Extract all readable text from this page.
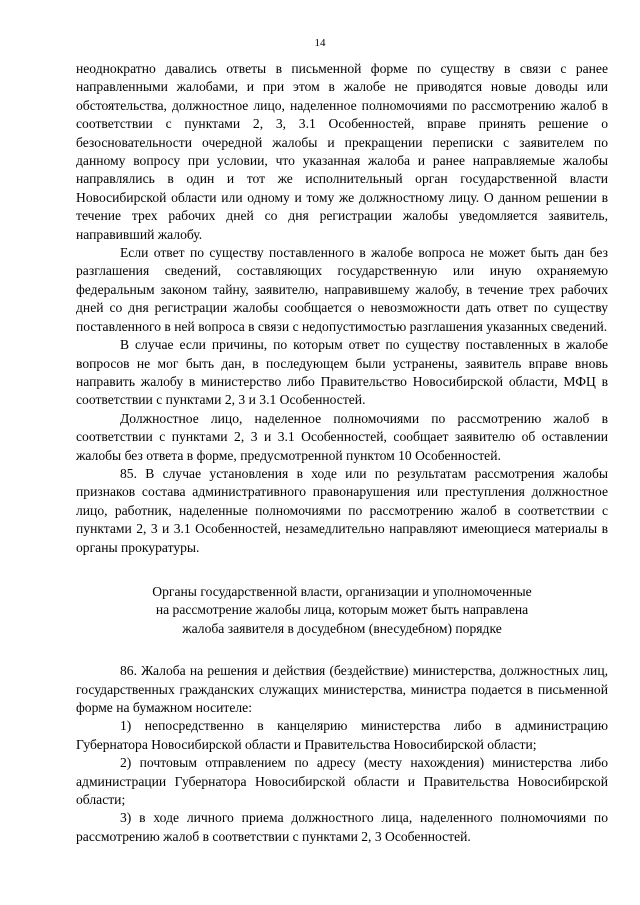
14

неоднократно давались ответы в письменной форме по существу в связи с ранее направленными жалобами, и при этом в жалобе не приводятся новые доводы или обстоятельства, должностное лицо, наделенное полномочиями по рассмотрению жалоб в соответствии с пунктами 2, 3, 3.1 Особенностей, вправе принять решение о безосновательности очередной жалобы и прекращении переписки с заявителем по данному вопросу при условии, что указанная жалоба и ранее направляемые жалобы направлялись в один и тот же исполнительный орган государственной власти Новосибирской области или одному и тому же должностному лицу. О данном решении в течение трех рабочих дней со дня регистрации жалобы уведомляется заявитель, направивший жалобу.

Если ответ по существу поставленного в жалобе вопроса не может быть дан без разглашения сведений, составляющих государственную или иную охраняемую федеральным законом тайну, заявителю, направившему жалобу, в течение трех рабочих дней со дня регистрации жалобы сообщается о невозможности дать ответ по существу поставленного в ней вопроса в связи с недопустимостью разглашения указанных сведений.

В случае если причины, по которым ответ по существу поставленных в жалобе вопросов не мог быть дан, в последующем были устранены, заявитель вправе вновь направить жалобу в министерство либо Правительство Новосибирской области, МФЦ в соответствии с пунктами 2, 3 и 3.1 Особенностей.

Должностное лицо, наделенное полномочиями по рассмотрению жалоб в соответствии с пунктами 2, 3 и 3.1 Особенностей, сообщает заявителю об оставлении жалобы без ответа в форме, предусмотренной пунктом 10 Особенностей.

85. В случае установления в ходе или по результатам рассмотрения жалобы признаков состава административного правонарушения или преступления должностное лицо, работник, наделенные полномочиями по рассмотрению жалоб в соответствии с пунктами 2, 3 и 3.1 Особенностей, незамедлительно направляют имеющиеся материалы в органы прокуратуры.

Органы государственной власти, организации и уполномоченные
на рассмотрение жалобы лица, которым может быть направлена
жалоба заявителя в досудебном (внесудебном) порядке

86. Жалоба на решения и действия (бездействие) министерства, должностных лиц, государственных гражданских служащих министерства, министра подается в письменной форме на бумажном носителе:

1) непосредственно в канцелярию министерства либо в администрацию Губернатора Новосибирской области и Правительства Новосибирской области;

2) почтовым отправлением по адресу (месту нахождения) министерства либо администрации Губернатора Новосибирской области и Правительства Новосибирской области;

3) в ходе личного приема должностного лица, наделенного полномочиями по рассмотрению жалоб в соответствии с пунктами 2, 3 Особенностей.
